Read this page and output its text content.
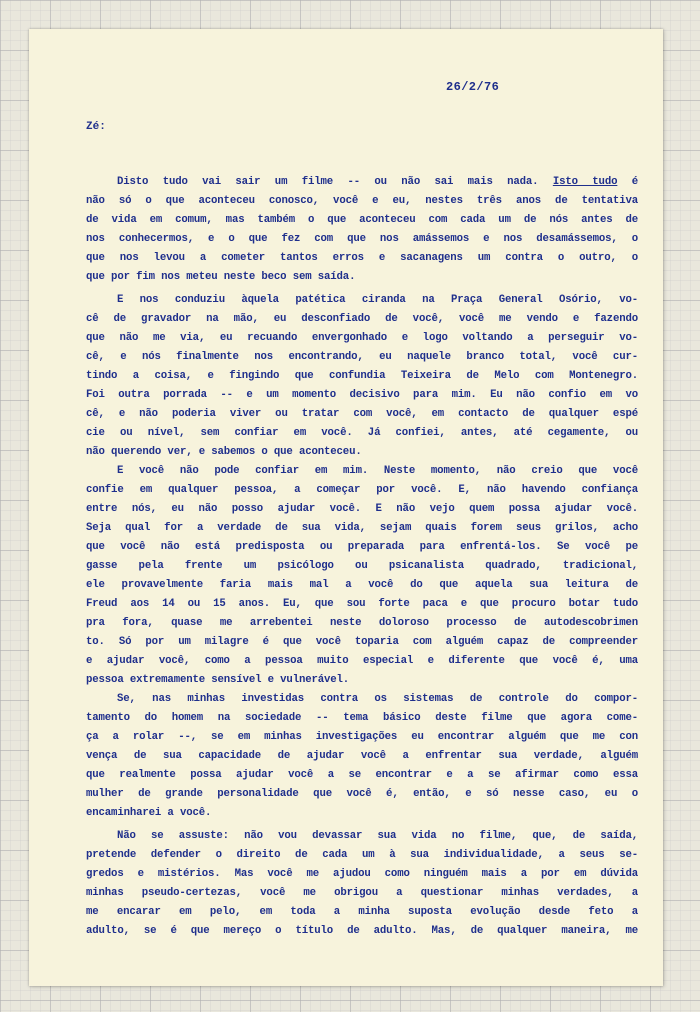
26/2/76
Zé:
Disto tudo vai sair um filme -- ou não sai mais nada. Isto tudo é
não só o que aconteceu conosco, você e eu, nestes três anos de tentativa
de vida em comum, mas também o que aconteceu com cada um de nós antes de
nos conhecermos, e o que fez com que nos amássemos e nos desamássemos, o
que nos levou a cometer tantos erros e sacanagens um contra o outro, o
que por fim nos meteu neste beco sem saída.
E nos conduziu àquela patética ciranda na Praça General Osório, vo-
cê de gravador na mão, eu desconfiado de você, você me vendo e fazendo
que não me via, eu recuando envergonhado e logo voltando a perseguir vo-
cê, e nós finalmente nos encontrando, eu naquele branco total, você cur-
tindo a coisa, e fingindo que confundia Teixeira de Melo com Montenegro.
Foi outra porrada -- e um momento decisivo para mim. Eu não confio em vo
cê, e não poderia viver ou tratar com você, em contacto de qualquer espé
cie ou nível, sem confiar em você. Já confiei, antes, até cegamente, ou
não querendo ver, e sabemos o que aconteceu.
E você não pode confiar em mim. Neste momento, não creio que você
confie em qualquer pessoa, a começar por você. E, não havendo confiança
entre nós, eu não posso ajudar você. E não vejo quem possa ajudar você.
Seja qual for a verdade de sua vida, sejam quais forem seus grilos, acho
que você não está predisposta ou preparada para enfrentá-los. Se você pe
gasse pela frente um psicólogo ou psicanalista quadrado, tradicional,
ele provavelmente faria mais mal a você do que aquela sua leitura de
Freud aos 14 ou 15 anos. Eu, que sou forte paca e que procuro botar tudo
pra fora, quase me arrebentei neste doloroso processo de autodescobrimen
to. Só por um milagre é que você toparia com alguém capaz de compreender
e ajudar você, como a pessoa muito especial e diferente que você é, uma
pessoa extremamente sensível e vulnerável.
Se, nas minhas investidas contra os sistemas de controle do compor-
tamento do homem na sociedade -- tema básico deste filme que agora come-
ça a rolar --, se em minhas investigações eu encontrar alguém que me con
vença de sua capacidade de ajudar você a enfrentar sua verdade, alguém
que realmente possa ajudar você a se encontrar e a se afirmar como essa
mulher de grande personalidade que você é, então, e só nesse caso, eu o
encaminharei a você.
Não se assuste: não vou devassar sua vida no filme, que, de saída,
pretende defender o direito de cada um à sua individualidade, a seus se-
gredos e mistérios. Mas você me ajudou como ninguém mais a por em dúvida
minhas pseudo-certezas, você me obrigou a questionar minhas verdades, a
me encarar em pelo, em toda a minha suposta evolução desde feto a
adulto, se é que mereço o título de adulto. Mas, de qualquer maneira, me
